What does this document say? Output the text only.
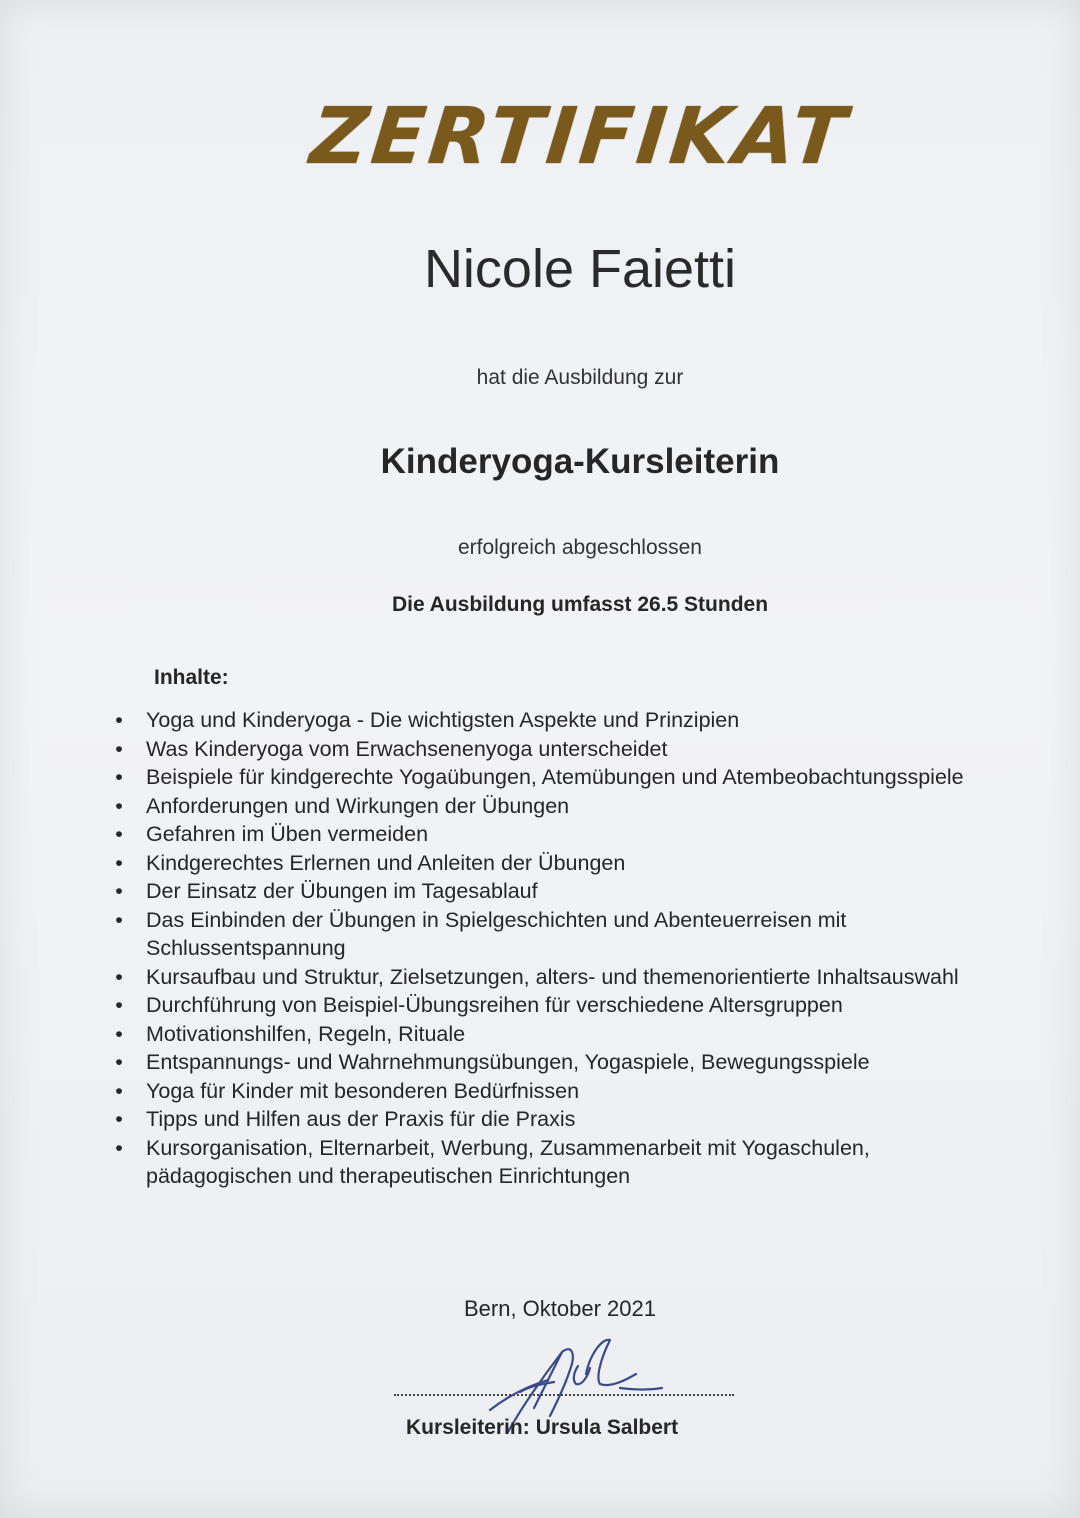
ZERTIFIKAT
Nicole Faietti
hat die Ausbildung zur
Kinderyoga-Kursleiterin
erfolgreich abgeschlossen
Die Ausbildung umfasst 26.5 Stunden
Inhalte:
• Yoga und Kinderyoga - Die wichtigsten Aspekte und Prinzipien
• Was Kinderyoga vom Erwachsenenyoga unterscheidet
• Beispiele für kindgerechte Yogaübungen, Atemübungen und Atembeobachtungsspiele
• Anforderungen und Wirkungen der Übungen
• Gefahren im Üben vermeiden
• Kindgerechtes Erlernen und Anleiten der Übungen
• Der Einsatz der Übungen im Tagesablauf
• Das Einbinden der Übungen in Spielgeschichten und Abenteuerreisen mit Schlussentspannung
• Kursaufbau und Struktur, Zielsetzungen, alters- und themenorientierte Inhaltsauswahl
• Durchführung von Beispiel-Übungsreihen für verschiedene Altersgruppen
• Motivationshilfen, Regeln, Rituale
• Entspannungs- und Wahrnehmungsübungen, Yogaspiele, Bewegungsspiele
• Yoga für Kinder mit besonderen Bedürfnissen
• Tipps und Hilfen aus der Praxis für die Praxis
• Kursorganisation, Elternarbeit, Werbung, Zusammenarbeit mit Yogaschulen, pädagogischen und therapeutischen Einrichtungen
Bern, Oktober 2021
Kursleiterin: Ursula Salbert
